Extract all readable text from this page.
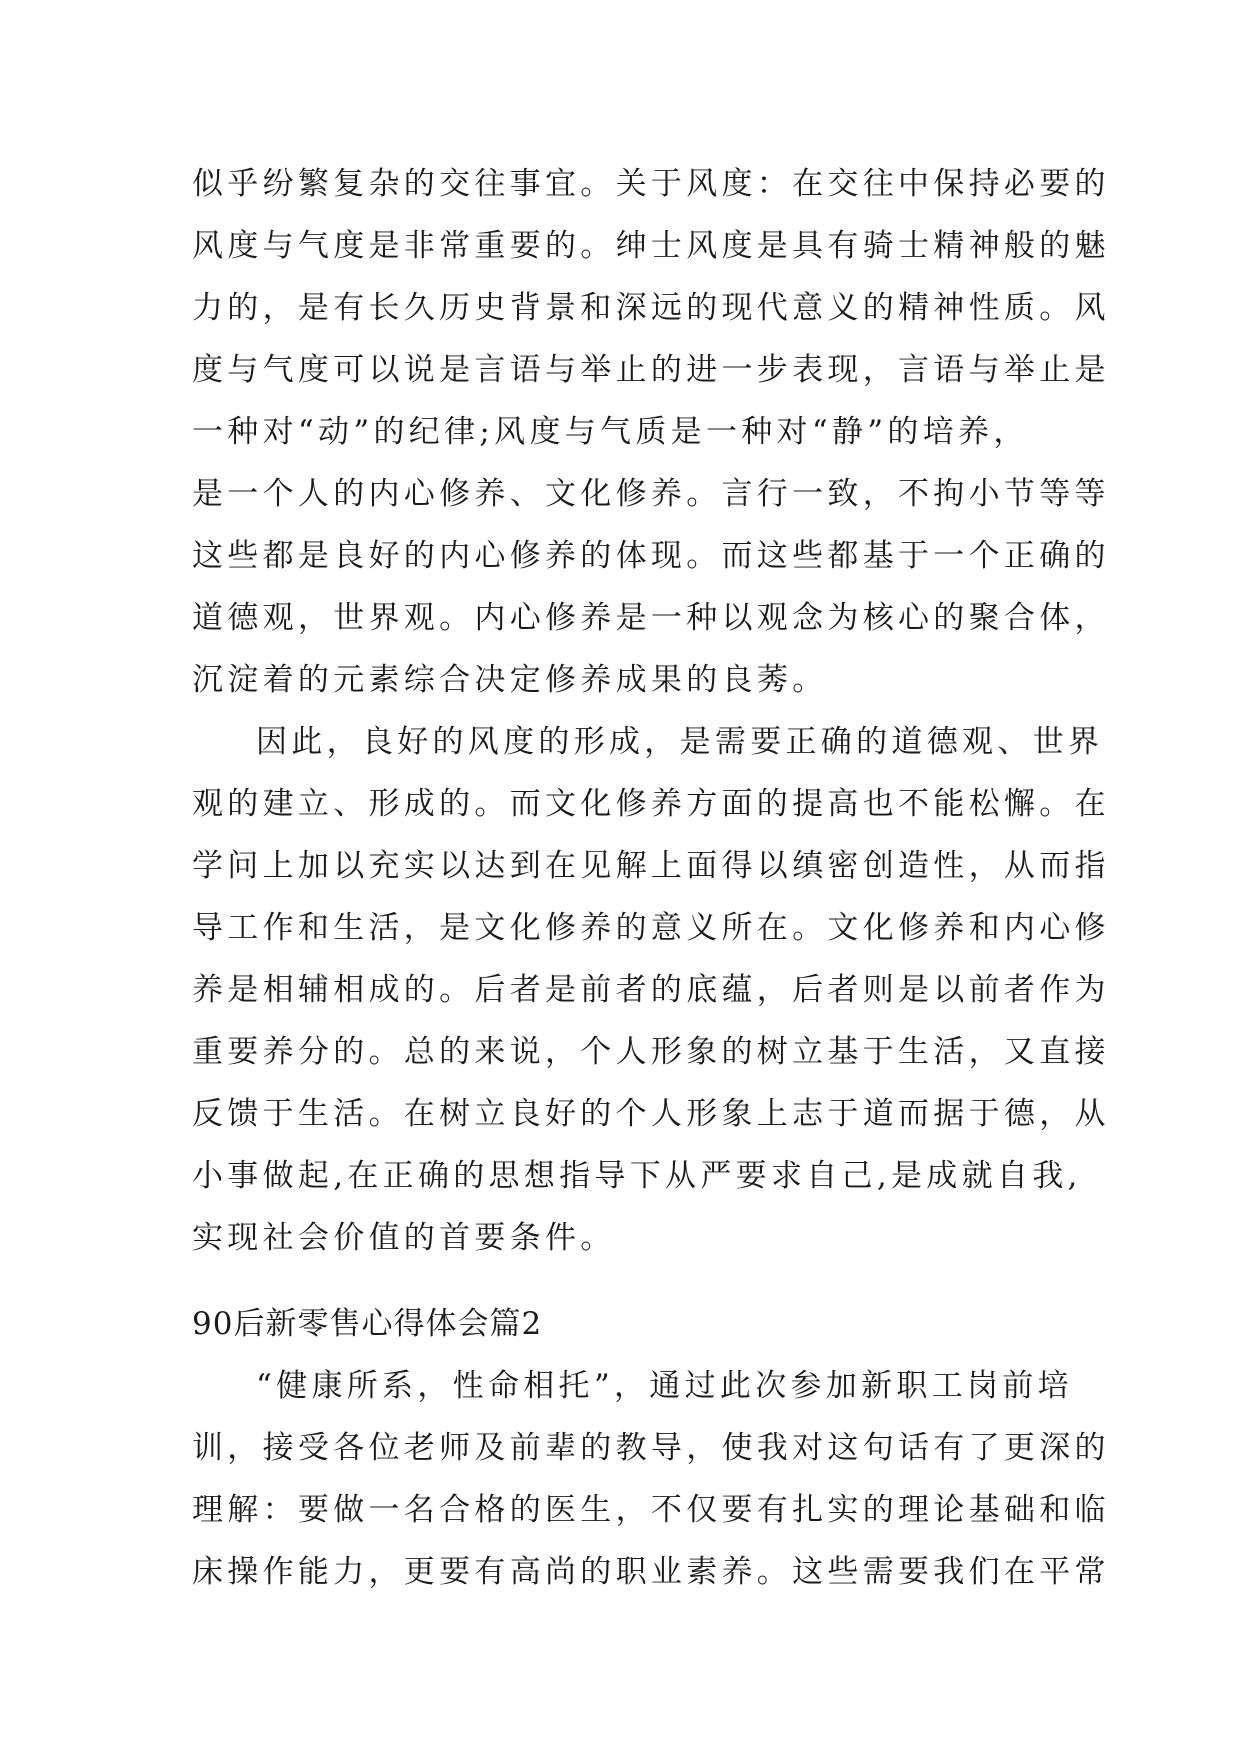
似乎纷繁复杂的交往事宜。关于风度：在交往中保持必要的
风度与气度是非常重要的。绅士风度是具有骑士精神般的魅
力的，是有长久历史背景和深远的现代意义的精神性质。风
度与气度可以说是言语与举止的进一步表现，言语与举止是
一种对“动”的纪律;风度与气质是一种对“静”的培养，
是一个人的内心修养、文化修养。言行一致，不拘小节等等
这些都是良好的内心修养的体现。而这些都基于一个正确的
道德观，世界观。内心修养是一种以观念为核心的聚合体，
沉淀着的元素综合决定修养成果的良莠。
因此，良好的风度的形成，是需要正确的道德观、世界
观的建立、形成的。而文化修养方面的提高也不能松懈。在
学问上加以充实以达到在见解上面得以缜密创造性，从而指
导工作和生活，是文化修养的意义所在。文化修养和内心修
养是相辅相成的。后者是前者的底蕴，后者则是以前者作为
重要养分的。总的来说，个人形象的树立基于生活，又直接
反馈于生活。在树立良好的个人形象上志于道而据于德，从
小事做起,在正确的思想指导下从严要求自己,是成就自我,
实现社会价值的首要条件。
90后新零售心得体会篇2
“健康所系，性命相托”，通过此次参加新职工岗前培
训，接受各位老师及前辈的教导，使我对这句话有了更深的
理解：要做一名合格的医生，不仅要有扎实的理论基础和临
床操作能力，更要有高尚的职业素养。这些需要我们在平常
